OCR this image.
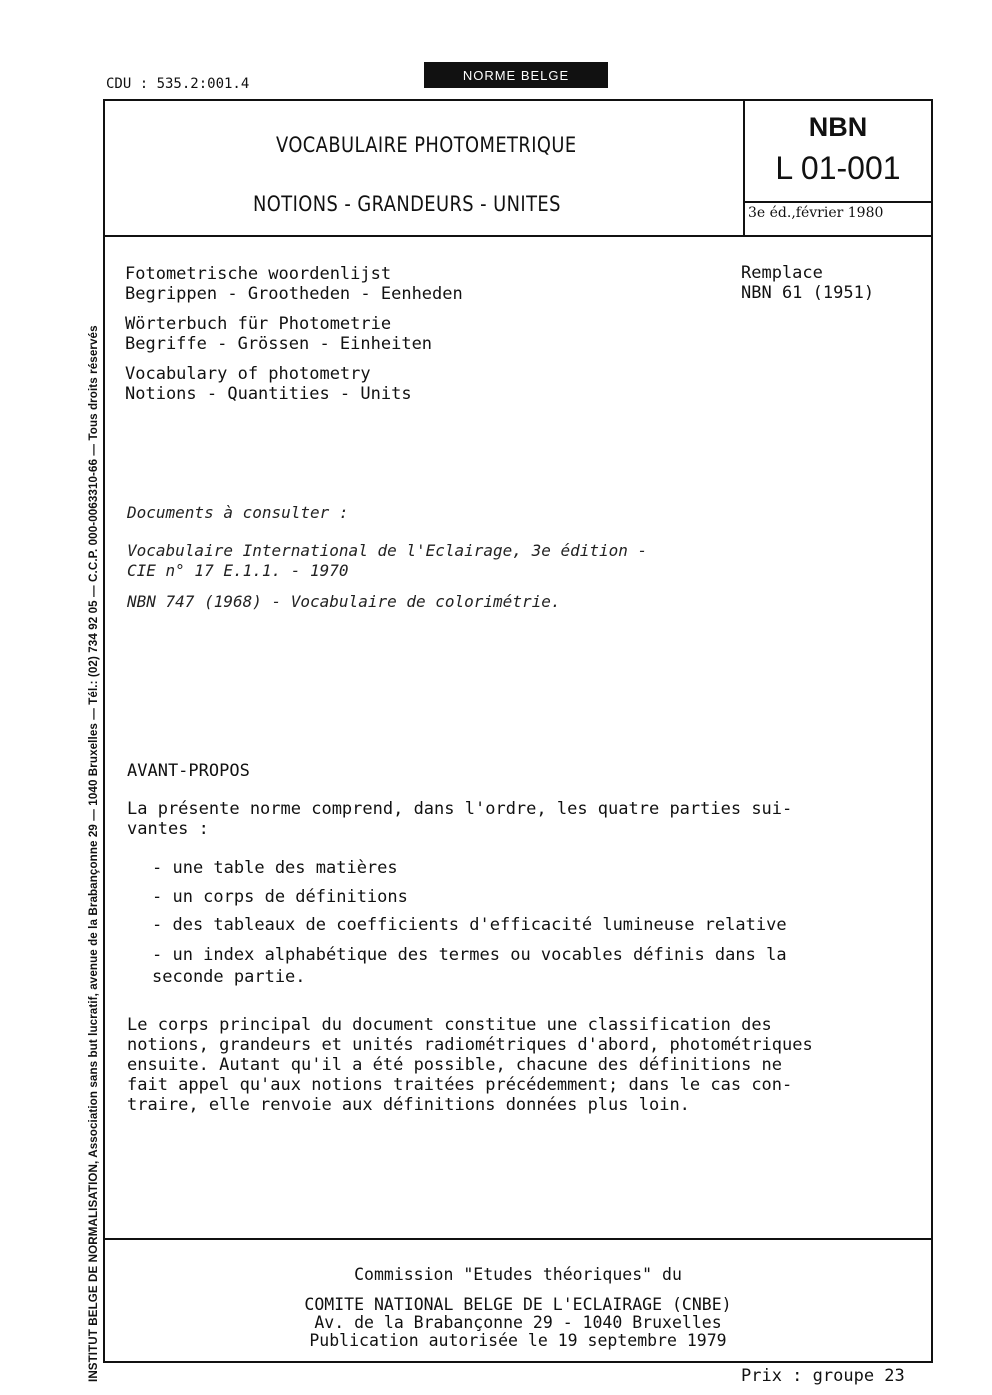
INSTITUT BELGE DE NORMALISATION, Association sans but lucratif, avenue de la Brabançonne 29 — 1040 Bruxelles — Tél.: (02) 734 92 05 — C.C.P. 000-0063310-66 — Tous droits réservés
CDU : 535.2:001.4
NORME BELGE
VOCABULAIRE PHOTOMETRIQUE
NOTIONS - GRANDEURS - UNITES
NBN
L 01-001
3e éd.,février 1980
Fotometrische woordenlijst
Begrippen - Grootheden - Eenheden
Wörterbuch für Photometrie
Begriffe - Grössen - Einheiten
Vocabulary of photometry
Notions - Quantities - Units
Remplace
NBN 61 (1951)
Documents à consulter :
Vocabulaire International de l'Eclairage, 3e édition -
CIE n° 17 E.1.1. - 1970
NBN 747 (1968) - Vocabulaire de colorimétrie.
AVANT-PROPOS
La présente norme comprend, dans l'ordre, les quatre parties sui-
vantes :
- une table des matières
- un corps de définitions
- des tableaux de coefficients d'efficacité lumineuse relative
- un index alphabétique des termes ou vocables définis dans la
seconde partie.
Le corps principal du document constitue une classification des
notions, grandeurs et unités radiométriques d'abord, photométriques
ensuite. Autant qu'il a été possible, chacune des définitions ne
fait appel qu'aux notions traitées précédemment; dans le cas con-
traire, elle renvoie aux définitions données plus loin.
Commission "Etudes théoriques" du
COMITE NATIONAL BELGE DE L'ECLAIRAGE (CNBE)
Av. de la Brabançonne 29 - 1040 Bruxelles
Publication autorisée le 19 septembre 1979
Prix : groupe 23
